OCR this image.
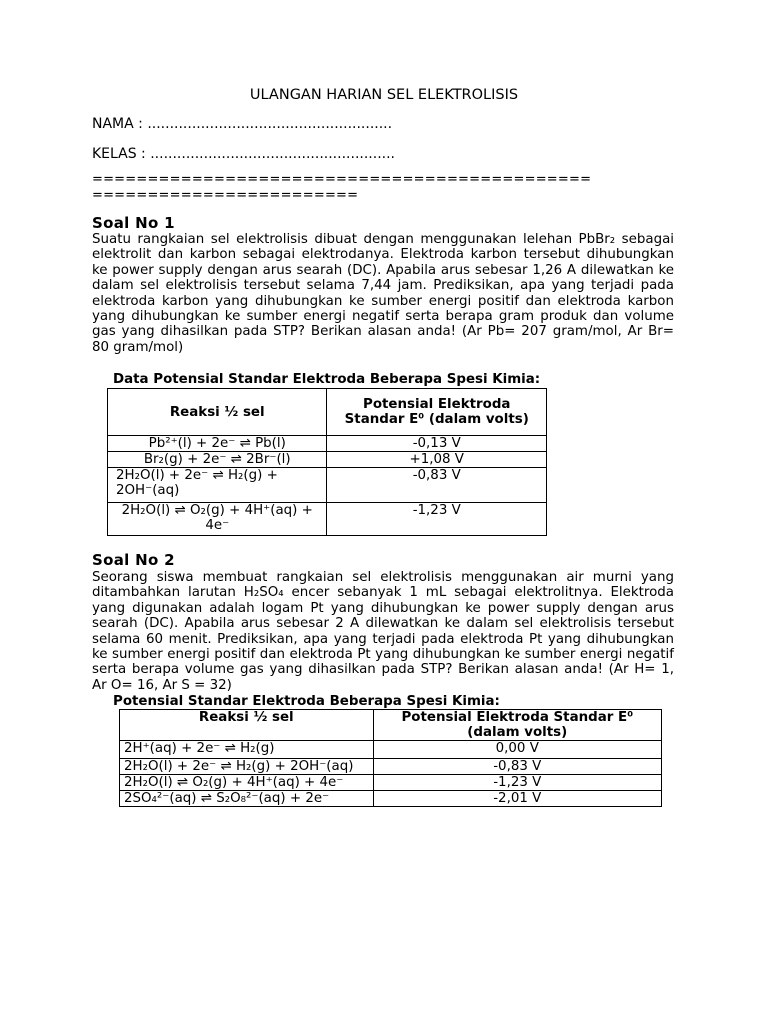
ULANGAN HARIAN SEL ELEKTROLISIS
NAMA : .......................................................
KELAS : .......................................................
=============================================
========================
Soal No 1

Suatu rangkaian sel elektrolisis dibuat dengan menggunakan lelehan PbBr₂ sebagai elektrolit dan karbon sebagai elektrodanya. Elektroda karbon tersebut dihubungkan ke power supply dengan arus searah (DC). Apabila arus sebesar 1,26 A dilewatkan ke dalam sel elektrolisis tersebut selama 7,44 jam. Prediksikan, apa yang terjadi pada elektroda karbon yang dihubungkan ke sumber energi positif dan elektroda karbon yang dihubungkan ke sumber energi negatif serta berapa gram produk dan volume gas yang dihasilkan pada STP? Berikan alasan anda! (Ar Pb= 207 gram/mol, Ar Br= 80 gram/mol)

Data Potensial Standar Elektroda Beberapa Spesi Kimia:
Reaksi ½ sel	Potensial Elektroda Standar E⁰ (dalam volts)
Pb²⁺(l) + 2e⁻ ⇌ Pb(l)	-0,13 V
Br₂(g) + 2e⁻ ⇌ 2Br⁻(l)	+1,08 V
2H₂O(l) + 2e⁻ ⇌ H₂(g) + 2OH⁻(aq)	-0,83 V
2H₂O(l) ⇌ O₂(g) + 4H⁺(aq) + 4e⁻	-1,23 V
Soal No 2

Seorang siswa membuat rangkaian sel elektrolisis menggunakan air murni yang ditambahkan larutan H₂SO₄ encer sebanyak 1 mL sebagai elektrolitnya. Elektroda yang digunakan adalah logam Pt yang dihubungkan ke power supply dengan arus searah (DC). Apabila arus sebesar 2 A dilewatkan ke dalam sel elektrolisis tersebut selama 60 menit. Prediksikan, apa yang terjadi pada elektroda Pt yang dihubungkan ke sumber energi positif dan elektroda Pt yang dihubungkan ke sumber energi negatif serta berapa volume gas yang dihasilkan pada STP? Berikan alasan anda! (Ar H= 1, Ar O= 16, Ar S = 32)

Potensial Standar Elektroda Beberapa Spesi Kimia:
Reaksi ½ sel	Potensial Elektroda Standar E⁰ (dalam volts)
2H⁺(aq) + 2e⁻ ⇌ H₂(g)	0,00 V
2H₂O(l) + 2e⁻ ⇌ H₂(g) + 2OH⁻(aq)	-0,83 V
2H₂O(l) ⇌ O₂(g) + 4H⁺(aq) + 4e⁻	-1,23 V
2SO₄²⁻(aq) ⇌ S₂O₈²⁻(aq) + 2e⁻	-2,01 V
